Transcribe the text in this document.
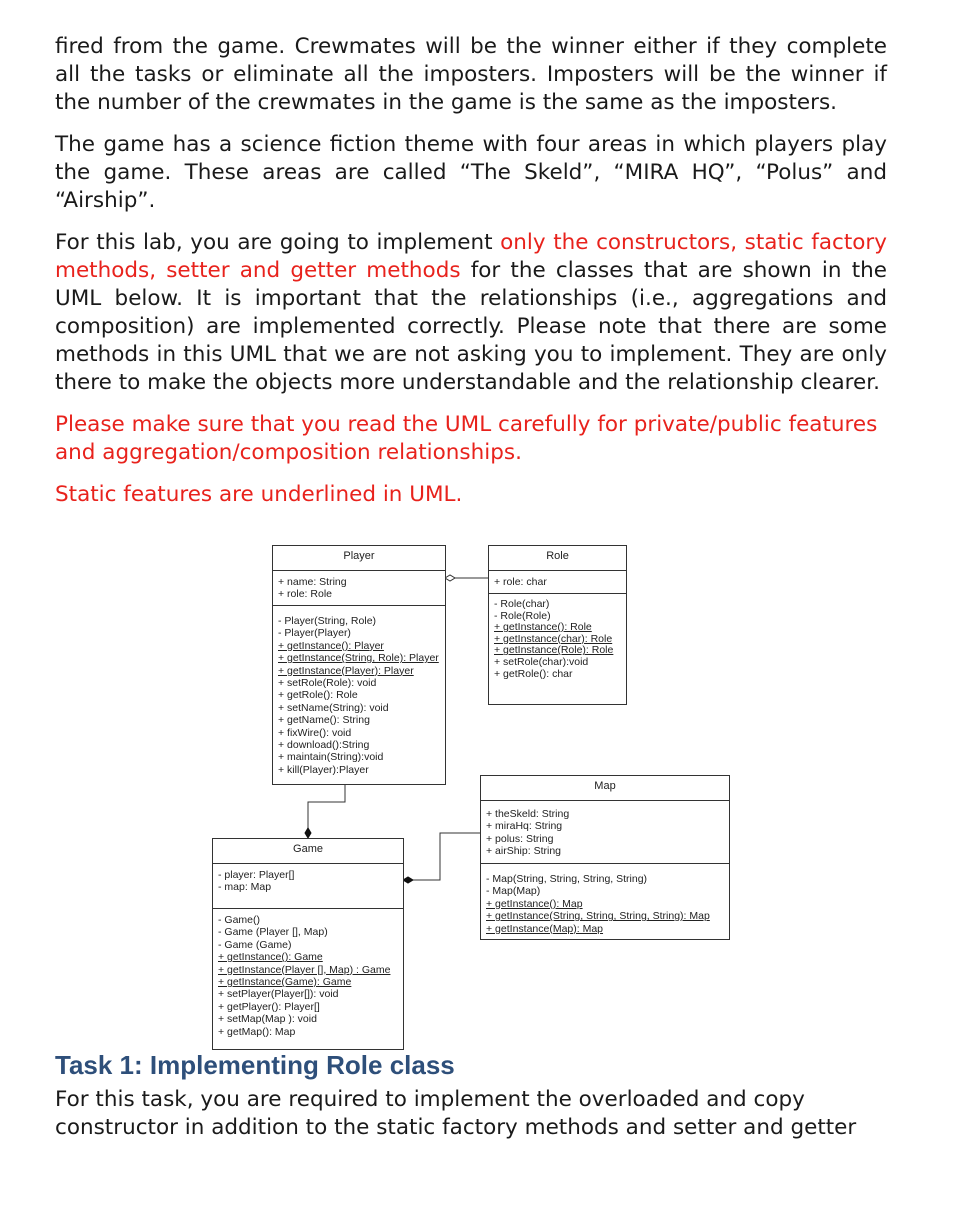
fired from the game. Crewmates will be the winner either if they complete all the tasks or eliminate all the imposters. Imposters will be the winner if the number of the crewmates in the game is the same as the imposters.

The game has a science fiction theme with four areas in which players play the game. These areas are called “The Skeld”, “MIRA HQ”, “Polus” and “Airship”.

For this lab, you are going to implement only the constructors, static factory methods, setter and getter methods for the classes that are shown in the UML below. It is important that the relationships (i.e., aggregations and composition) are implemented correctly. Please note that there are some methods in this UML that we are not asking you to implement. They are only there to make the objects more understandable and the relationship clearer.

Please make sure that you read the UML carefully for private/public features and aggregation/composition relationships.

Static features are underlined in UML.

Player
+ name: String
+ role: Role
- Player(String, Role)
- Player(Player)
+ getInstance(): Player
+ getInstance(String, Role): Player
+ getInstance(Player): Player
+ setRole(Role): void
+ getRole(): Role
+ setName(String): void
+ getName(): String
+ fixWire(): void
+ download():String
+ maintain(String):void
+ kill(Player):Player
Role
+ role: char
- Role(char)
- Role(Role)
+ getInstance(): Role
+ getInstance(char): Role
+ getInstance(Role): Role
+ setRole(char):void
+ getRole(): char
Map
+ theSkeld: String
+ miraHq: String
+ polus: String
+ airShip: String
- Map(String, String, String, String)
- Map(Map)
+ getInstance(): Map
+ getInstance(String, String, String, String): Map
+ getInstance(Map): Map
Game
- player: Player[]
- map: Map
- Game()
- Game (Player [], Map)
- Game (Game)
+ getInstance(): Game
+ getInstance(Player [], Map) : Game
+ getInstance(Game): Game
+ setPlayer(Player[]): void
+ getPlayer(): Player[]
+ setMap(Map ): void
+ getMap(): Map
Task 1: Implementing Role class

For this task, you are required to implement the overloaded and copy constructor in addition to the static factory methods and setter and getter
